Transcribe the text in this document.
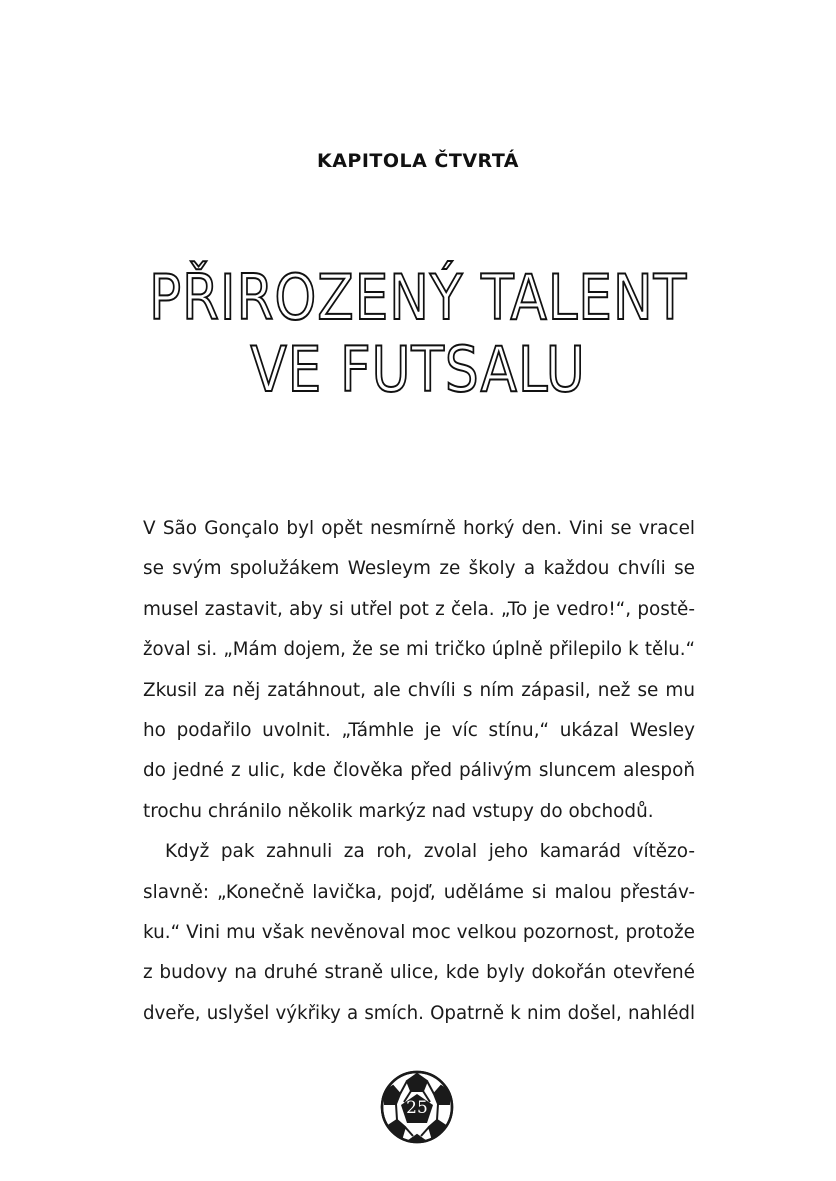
KAPITOLA ČTVRTÁ
PŘIROZENÝ TALENT
VE FUTSALU

V São Gonçalo byl opět nesmírně horký den. Vini se vracel
se svým spolužákem Wesleym ze školy a každou chvíli se
musel zastavit, aby si utřel pot z čela. „To je vedro!“, postě-
žoval si. „Mám dojem, že se mi tričko úplně přilepilo k tělu.“
Zkusil za něj zatáhnout, ale chvíli s ním zápasil, než se mu
ho podařilo uvolnit. „Támhle je víc stínu,“ ukázal Wesley
do jedné z ulic, kde člověka před pálivým sluncem alespoň
trochu chránilo několik markýz nad vstupy do obchodů.

Když pak zahnuli za roh, zvolal jeho kamarád vítězo-
slavně: „Konečně lavička, pojď, uděláme si malou přestáv-
ku.“ Vini mu však nevěnoval moc velkou pozornost, protože
z budovy na druhé straně ulice, kde byly dokořán otevřené
dveře, uslyšel výkřiky a smích. Opatrně k nim došel, nahlédl

25
